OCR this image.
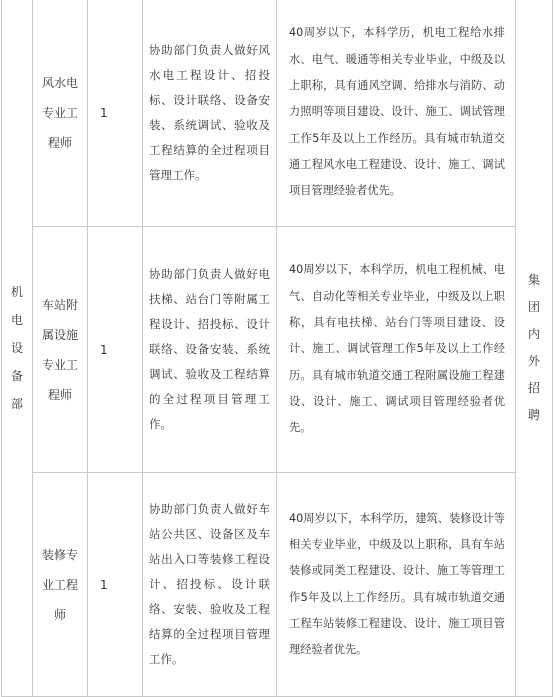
机电设备部	风水电专业工程师	1	协助部门负责人做好风水电工程设计、招投标、设计联络、设备安装、系统调试、验收及工程结算的全过程项目管理工作。	40周岁以下，本科学历，机电工程给水排水、电气、暖通等相关专业毕业，中级及以上职称，具有通风空调、给排水与消防、动力照明等项目建设、设计、施工、调试管理工作5年及以上工作经历。具有城市轨道交通工程风水电工程建设、设计、施工、调试项目管理经验者优先。	集团内外招聘
	车站附属设施专业工程师	1	协助部门负责人做好电扶梯、站台门等附属工程设计、招投标、设计联络、设备安装、系统调试、验收及工程结算的全过程项目管理工作。	40周岁以下，本科学历，机电工程机械、电气、自动化等相关专业毕业，中级及以上职称，具有电扶梯、站台门等项目建设、设计、施工、调试管理工作5年及以上工作经历。具有城市轨道交通工程附属设施工程建设、设计、施工、调试项目管理经验者优先。	
	装修专业工程师	1	协助部门负责人做好车站公共区、设备区及车站出入口等装修工程设计、招投标、设计联络、安装、验收及工程结算的全过程项目管理工作。	40周岁以下，本科学历，建筑、装修设计等相关专业毕业，中级及以上职称，具有车站装修或同类工程建设、设计、施工等管理工作5年及以上工作经历。具有城市轨道交通工程车站装修工程建设、设计、施工项目管理经验者优先。	
